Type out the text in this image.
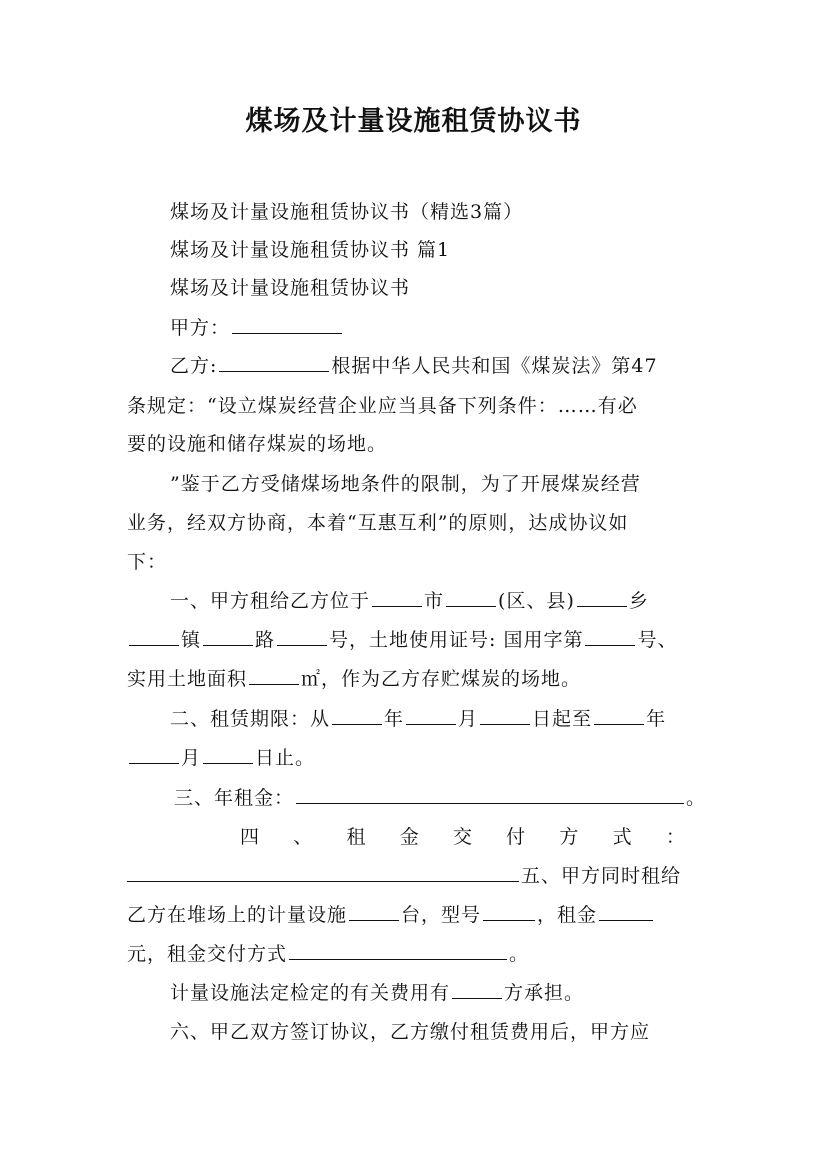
煤场及计量设施租赁协议书
煤场及计量设施租赁协议书（精选3篇）
煤场及计量设施租赁协议书 篇1
煤场及计量设施租赁协议书
甲方：
乙方:	根据中华人民共和国《煤炭法》第47
条规定：“设立煤炭经营企业应当具备下列条件：……有必
要的设施和储存煤炭的场地。
”鉴于乙方受储煤场地条件的限制，为了开展煤炭经营
业务，经双方协商，本着“互惠互利”的原则，达成协议如
下：
一、甲方租给乙方位于	市	(区、县)	乡
镇	路	号，土地使用证号: 国用字第	号、
实用土地面积	㎡，作为乙方存贮煤炭的场地。
二、租赁期限：从	年	月	日起至	年
月	日止。
三、年租金：	。
四 、 租 金 交 付 方 式 ：
五、甲方同时租给
乙方在堆场上的计量设施	台，型号	，租金
元，租金交付方式	。
计量设施法定检定的有关费用有	方承担。
六、甲乙双方签订协议，乙方缴付租赁费用后，甲方应
